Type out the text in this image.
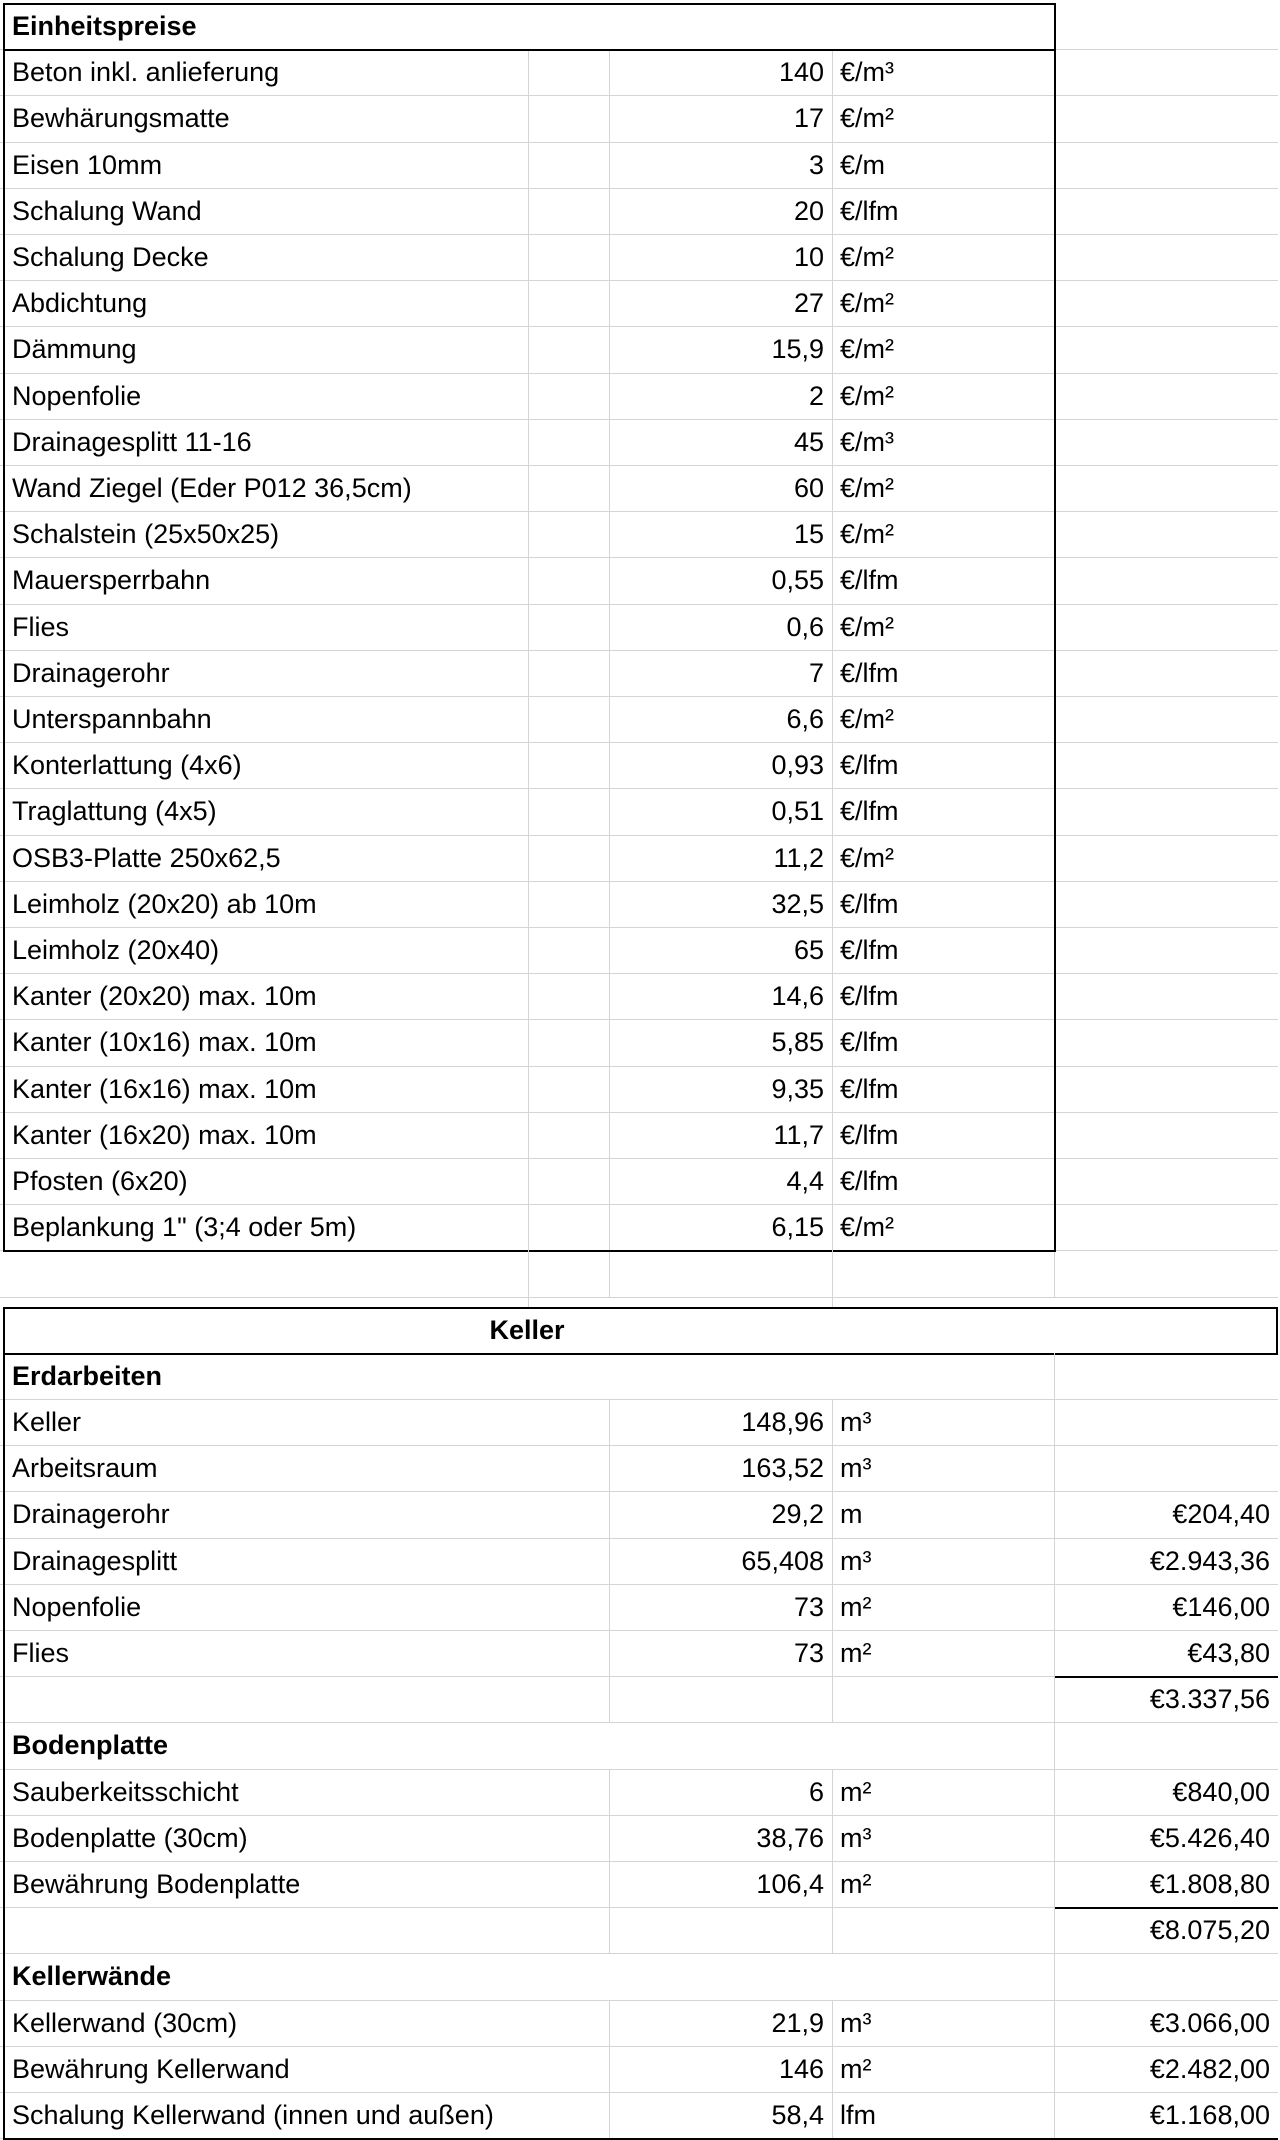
Einheitspreise
Beton inkl. anlieferung	140 €/m³
Bewhärungsmatte	17 €/m²
Eisen 10mm	3 €/m
Schalung Wand	20 €/lfm
Schalung Decke	10 €/m²
Abdichtung	27 €/m²
Dämmung	15,9 €/m²
Nopenfolie	2 €/m²
Drainagesplitt 11-16	45 €/m³
Wand Ziegel (Eder P012 36,5cm)	60 €/m²
Schalstein (25x50x25)	15 €/m²
Mauersperrbahn	0,55 €/lfm
Flies	0,6 €/m²
Drainagerohr	7 €/lfm
Unterspannbahn	6,6 €/m²
Konterlattung (4x6)	0,93 €/lfm
Traglattung (4x5)	0,51 €/lfm
OSB3-Platte 250x62,5	11,2 €/m²
Leimholz (20x20) ab 10m	32,5 €/lfm
Leimholz (20x40)	65 €/lfm
Kanter (20x20) max. 10m	14,6 €/lfm
Kanter (10x16) max. 10m	5,85 €/lfm
Kanter (16x16) max. 10m	9,35 €/lfm
Kanter (16x20) max. 10m	11,7 €/lfm
Pfosten (6x20)	4,4 €/lfm
Beplankung 1" (3;4 oder 5m)	6,15 €/m²
Keller
Erdarbeiten
Keller	148,96 m³
Arbeitsraum	163,52 m³
Drainagerohr	29,2 m	€204,40
Drainagesplitt	65,408 m³	€2.943,36
Nopenfolie	73 m²	€146,00
Flies	73 m²	€43,80
€3.337,56
Bodenplatte
Sauberkeitsschicht	6 m²	€840,00
Bodenplatte (30cm)	38,76 m³	€5.426,40
Bewährung Bodenplatte	106,4 m²	€1.808,80
€8.075,20
Kellerwände
Kellerwand (30cm)	21,9 m³	€3.066,00
Bewährung Kellerwand	146 m²	€2.482,00
Schalung Kellerwand (innen und außen)	58,4 lfm	€1.168,00
